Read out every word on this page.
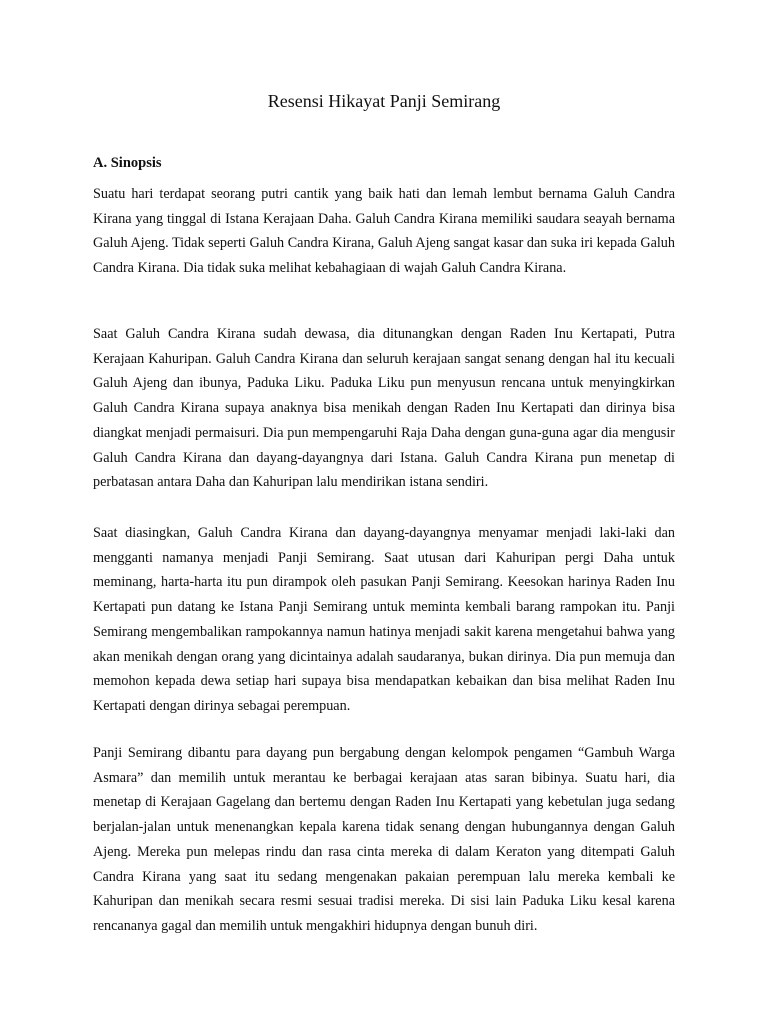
Resensi Hikayat Panji Semirang
A. Sinopsis

Suatu hari terdapat seorang putri cantik yang baik hati dan lemah lembut bernama Galuh Candra Kirana yang tinggal di Istana Kerajaan Daha. Galuh Candra Kirana memiliki saudara seayah bernama Galuh Ajeng. Tidak seperti Galuh Candra Kirana, Galuh Ajeng sangat kasar dan suka iri kepada Galuh Candra Kirana. Dia tidak suka melihat kebahagiaan di wajah Galuh Candra Kirana.

Saat Galuh Candra Kirana sudah dewasa, dia ditunangkan dengan Raden Inu Kertapati, Putra Kerajaan Kahuripan. Galuh Candra Kirana dan seluruh kerajaan sangat senang dengan hal itu kecuali Galuh Ajeng dan ibunya, Paduka Liku. Paduka Liku pun menyusun rencana untuk menyingkirkan Galuh Candra Kirana supaya anaknya bisa menikah dengan Raden Inu Kertapati dan dirinya bisa diangkat menjadi permaisuri. Dia pun mempengaruhi Raja Daha dengan guna-guna agar dia mengusir Galuh Candra Kirana dan dayang-dayangnya dari Istana. Galuh Candra Kirana pun menetap di perbatasan antara Daha dan Kahuripan lalu mendirikan istana sendiri.

Saat diasingkan, Galuh Candra Kirana dan dayang-dayangnya menyamar menjadi laki-laki dan mengganti namanya menjadi Panji Semirang. Saat utusan dari Kahuripan pergi Daha untuk meminang, harta-harta itu pun dirampok oleh pasukan Panji Semirang. Keesokan harinya Raden Inu Kertapati pun datang ke Istana Panji Semirang untuk meminta kembali barang rampokan itu. Panji Semirang mengembalikan rampokannya namun hatinya menjadi sakit karena mengetahui bahwa yang akan menikah dengan orang yang dicintainya adalah saudaranya, bukan dirinya. Dia pun memuja dan memohon kepada dewa setiap hari supaya bisa mendapatkan kebaikan dan bisa melihat Raden Inu Kertapati dengan dirinya sebagai perempuan.

Panji Semirang dibantu para dayang pun bergabung dengan kelompok pengamen “Gambuh Warga Asmara” dan memilih untuk merantau ke berbagai kerajaan atas saran bibinya. Suatu hari, dia menetap di Kerajaan Gagelang dan bertemu dengan Raden Inu Kertapati yang kebetulan juga sedang berjalan-jalan untuk menenangkan kepala karena tidak senang dengan hubungannya dengan Galuh Ajeng. Mereka pun melepas rindu dan rasa cinta mereka di dalam Keraton yang ditempati Galuh Candra Kirana yang saat itu sedang mengenakan pakaian perempuan lalu mereka kembali ke Kahuripan dan menikah secara resmi sesuai tradisi mereka. Di sisi lain Paduka Liku kesal karena rencananya gagal dan memilih untuk mengakhiri hidupnya dengan bunuh diri.
